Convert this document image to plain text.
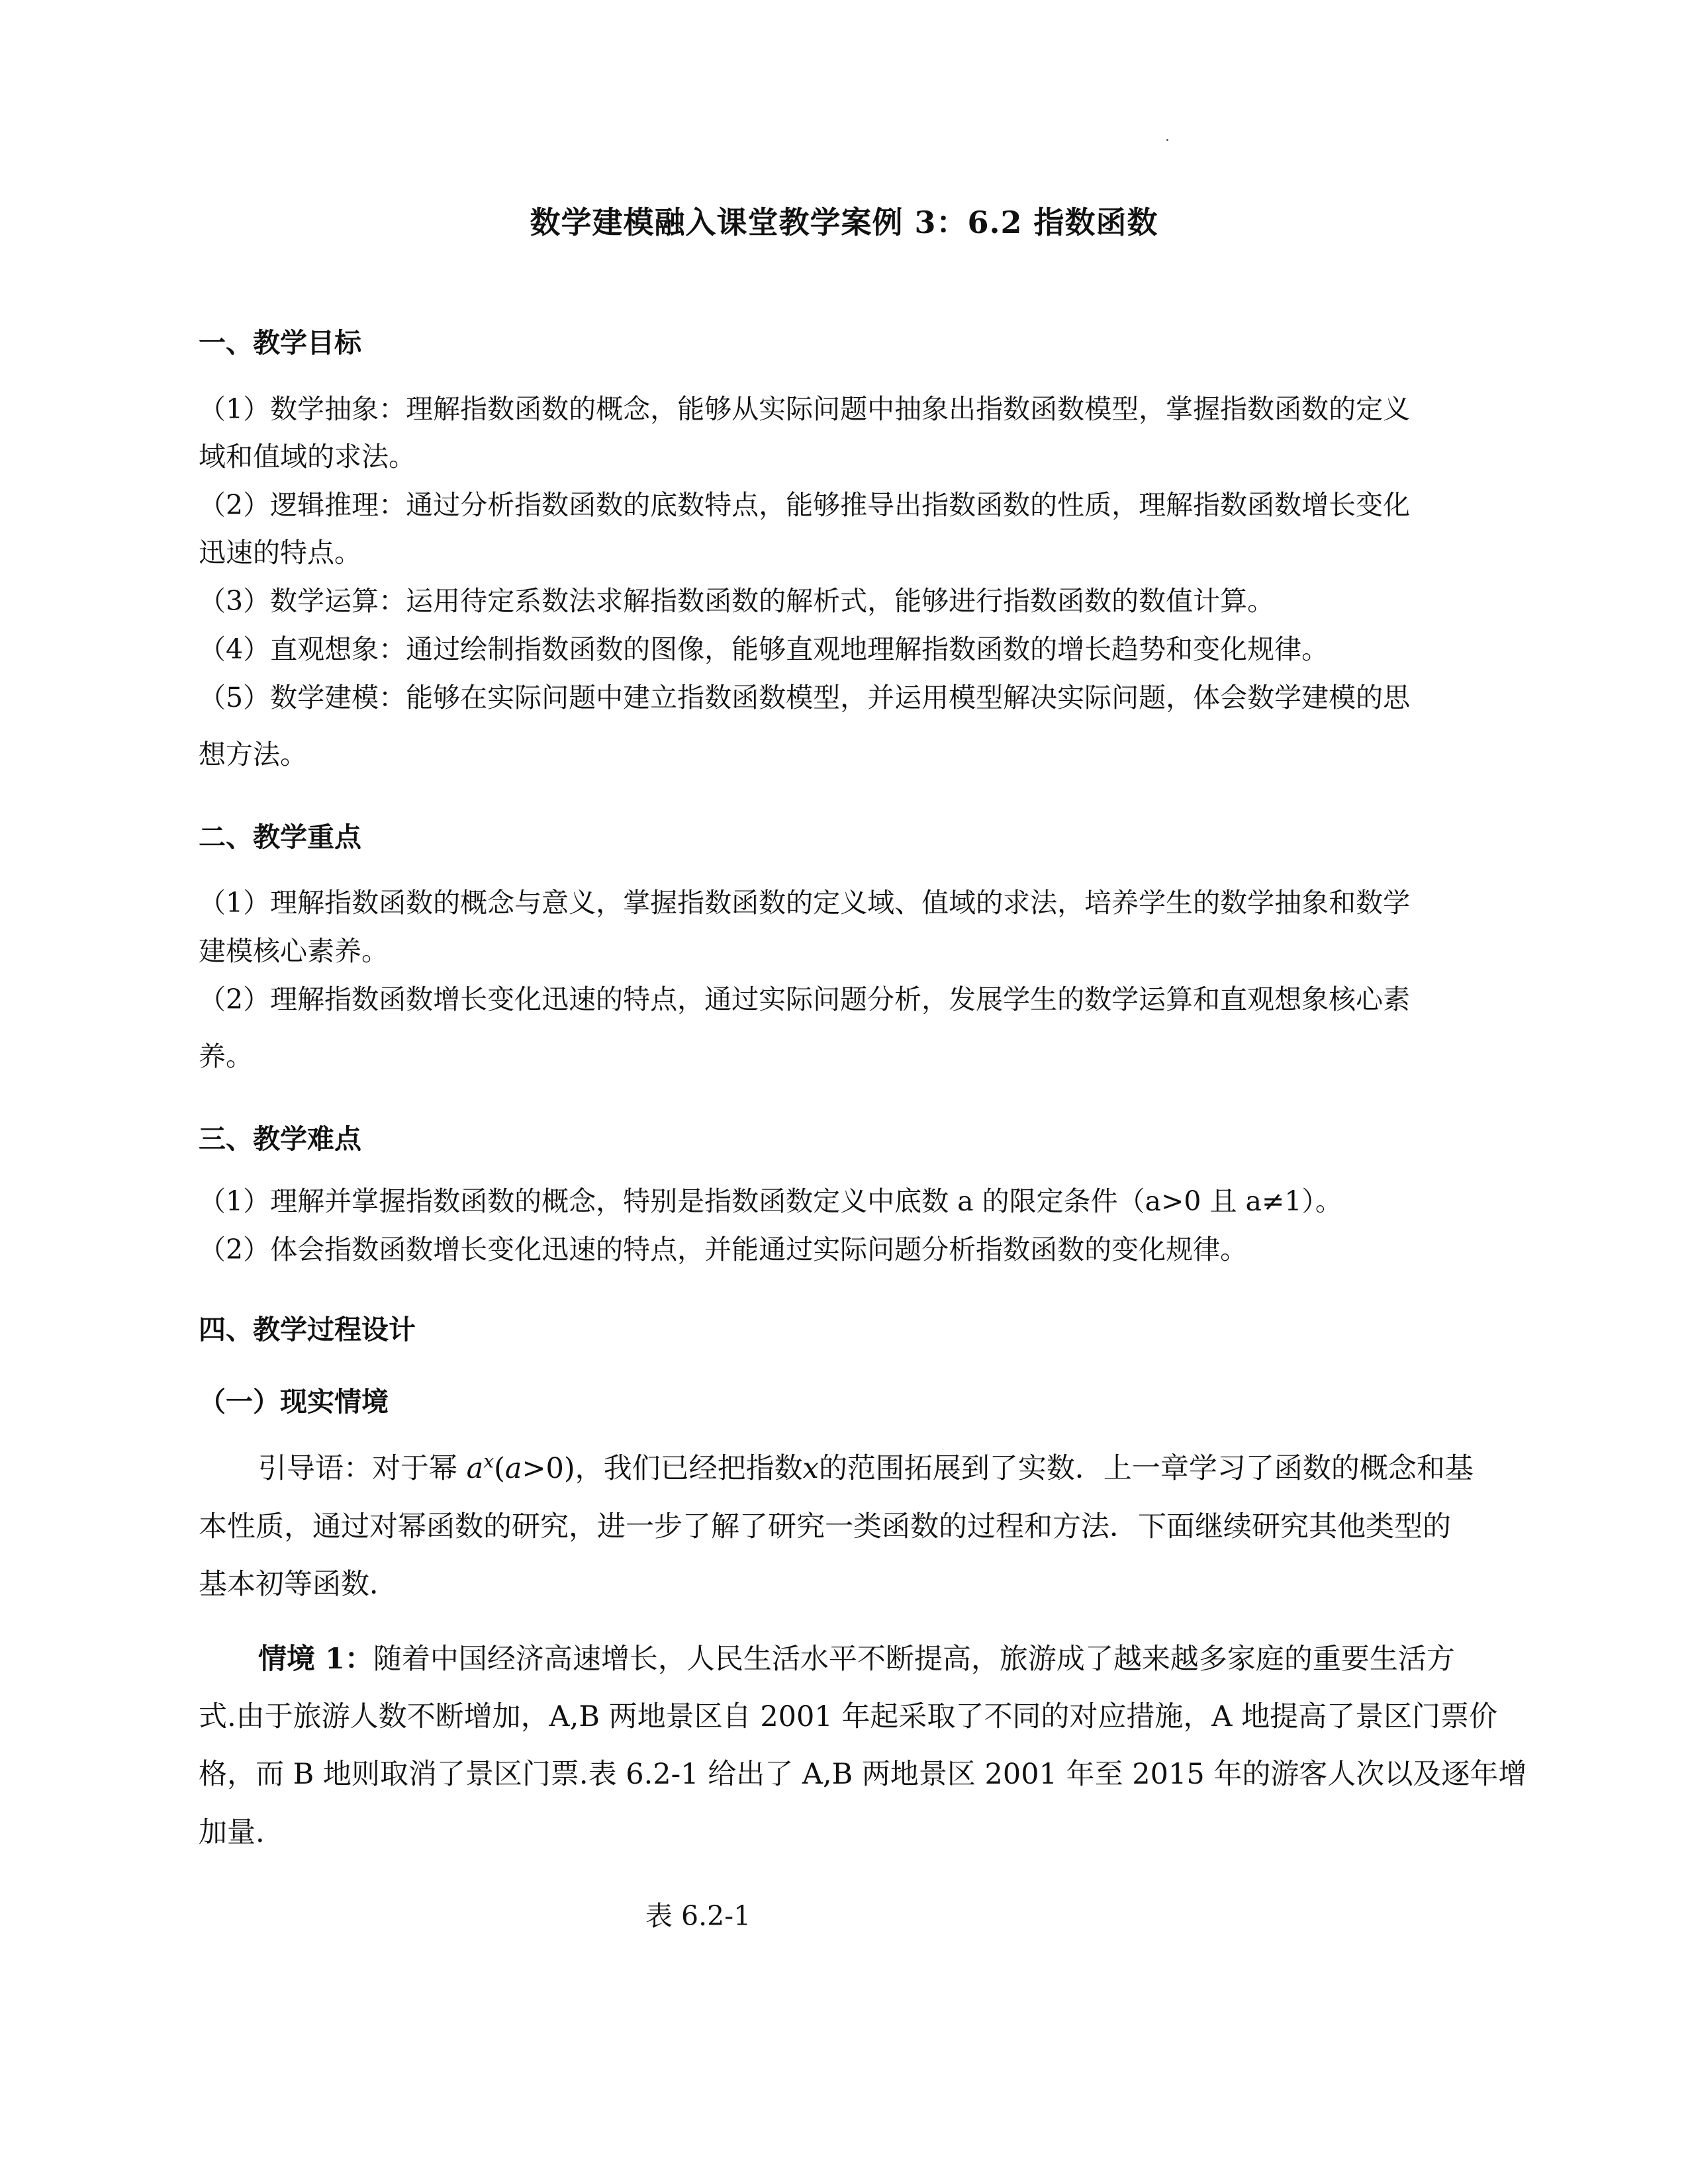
数学建模融入课堂教学案例 3：6.2 指数函数
一、教学目标
（1）数学抽象：理解指数函数的概念，能够从实际问题中抽象出指数函数模型，掌握指数函数的定义
域和值域的求法。
（2）逻辑推理：通过分析指数函数的底数特点，能够推导出指数函数的性质，理解指数函数增长变化
迅速的特点。
（3）数学运算：运用待定系数法求解指数函数的解析式，能够进行指数函数的数值计算。
（4）直观想象：通过绘制指数函数的图像，能够直观地理解指数函数的增长趋势和变化规律。
（5）数学建模：能够在实际问题中建立指数函数模型，并运用模型解决实际问题，体会数学建模的思
想方法。
二、教学重点
（1）理解指数函数的概念与意义，掌握指数函数的定义域、值域的求法，培养学生的数学抽象和数学
建模核心素养。
（2）理解指数函数增长变化迅速的特点，通过实际问题分析，发展学生的数学运算和直观想象核心素
养。
三、教学难点
（1）理解并掌握指数函数的概念，特别是指数函数定义中底数 a 的限定条件（a>0 且 a≠1）。
（2）体会指数函数增长变化迅速的特点，并能通过实际问题分析指数函数的变化规律。
四、教学过程设计
（一）现实情境
引导语：对于幂 $a^x(a>0)$，我们已经把指数x的范围拓展到了实数．上一章学习了函数的概念和基
本性质，通过对幂函数的研究，进一步了解了研究一类函数的过程和方法．下面继续研究其他类型的
基本初等函数．
情境 1：随着中国经济高速增长，人民生活水平不断提高，旅游成了越来越多家庭的重要生活方
式.由于旅游人数不断增加，A,B 两地景区自 2001 年起采取了不同的对应措施，A 地提高了景区门票价
格，而 B 地则取消了景区门票.表 6.2-1 给出了 A,B 两地景区 2001 年至 2015 年的游客人次以及逐年增
加量.
表 6.2-1
